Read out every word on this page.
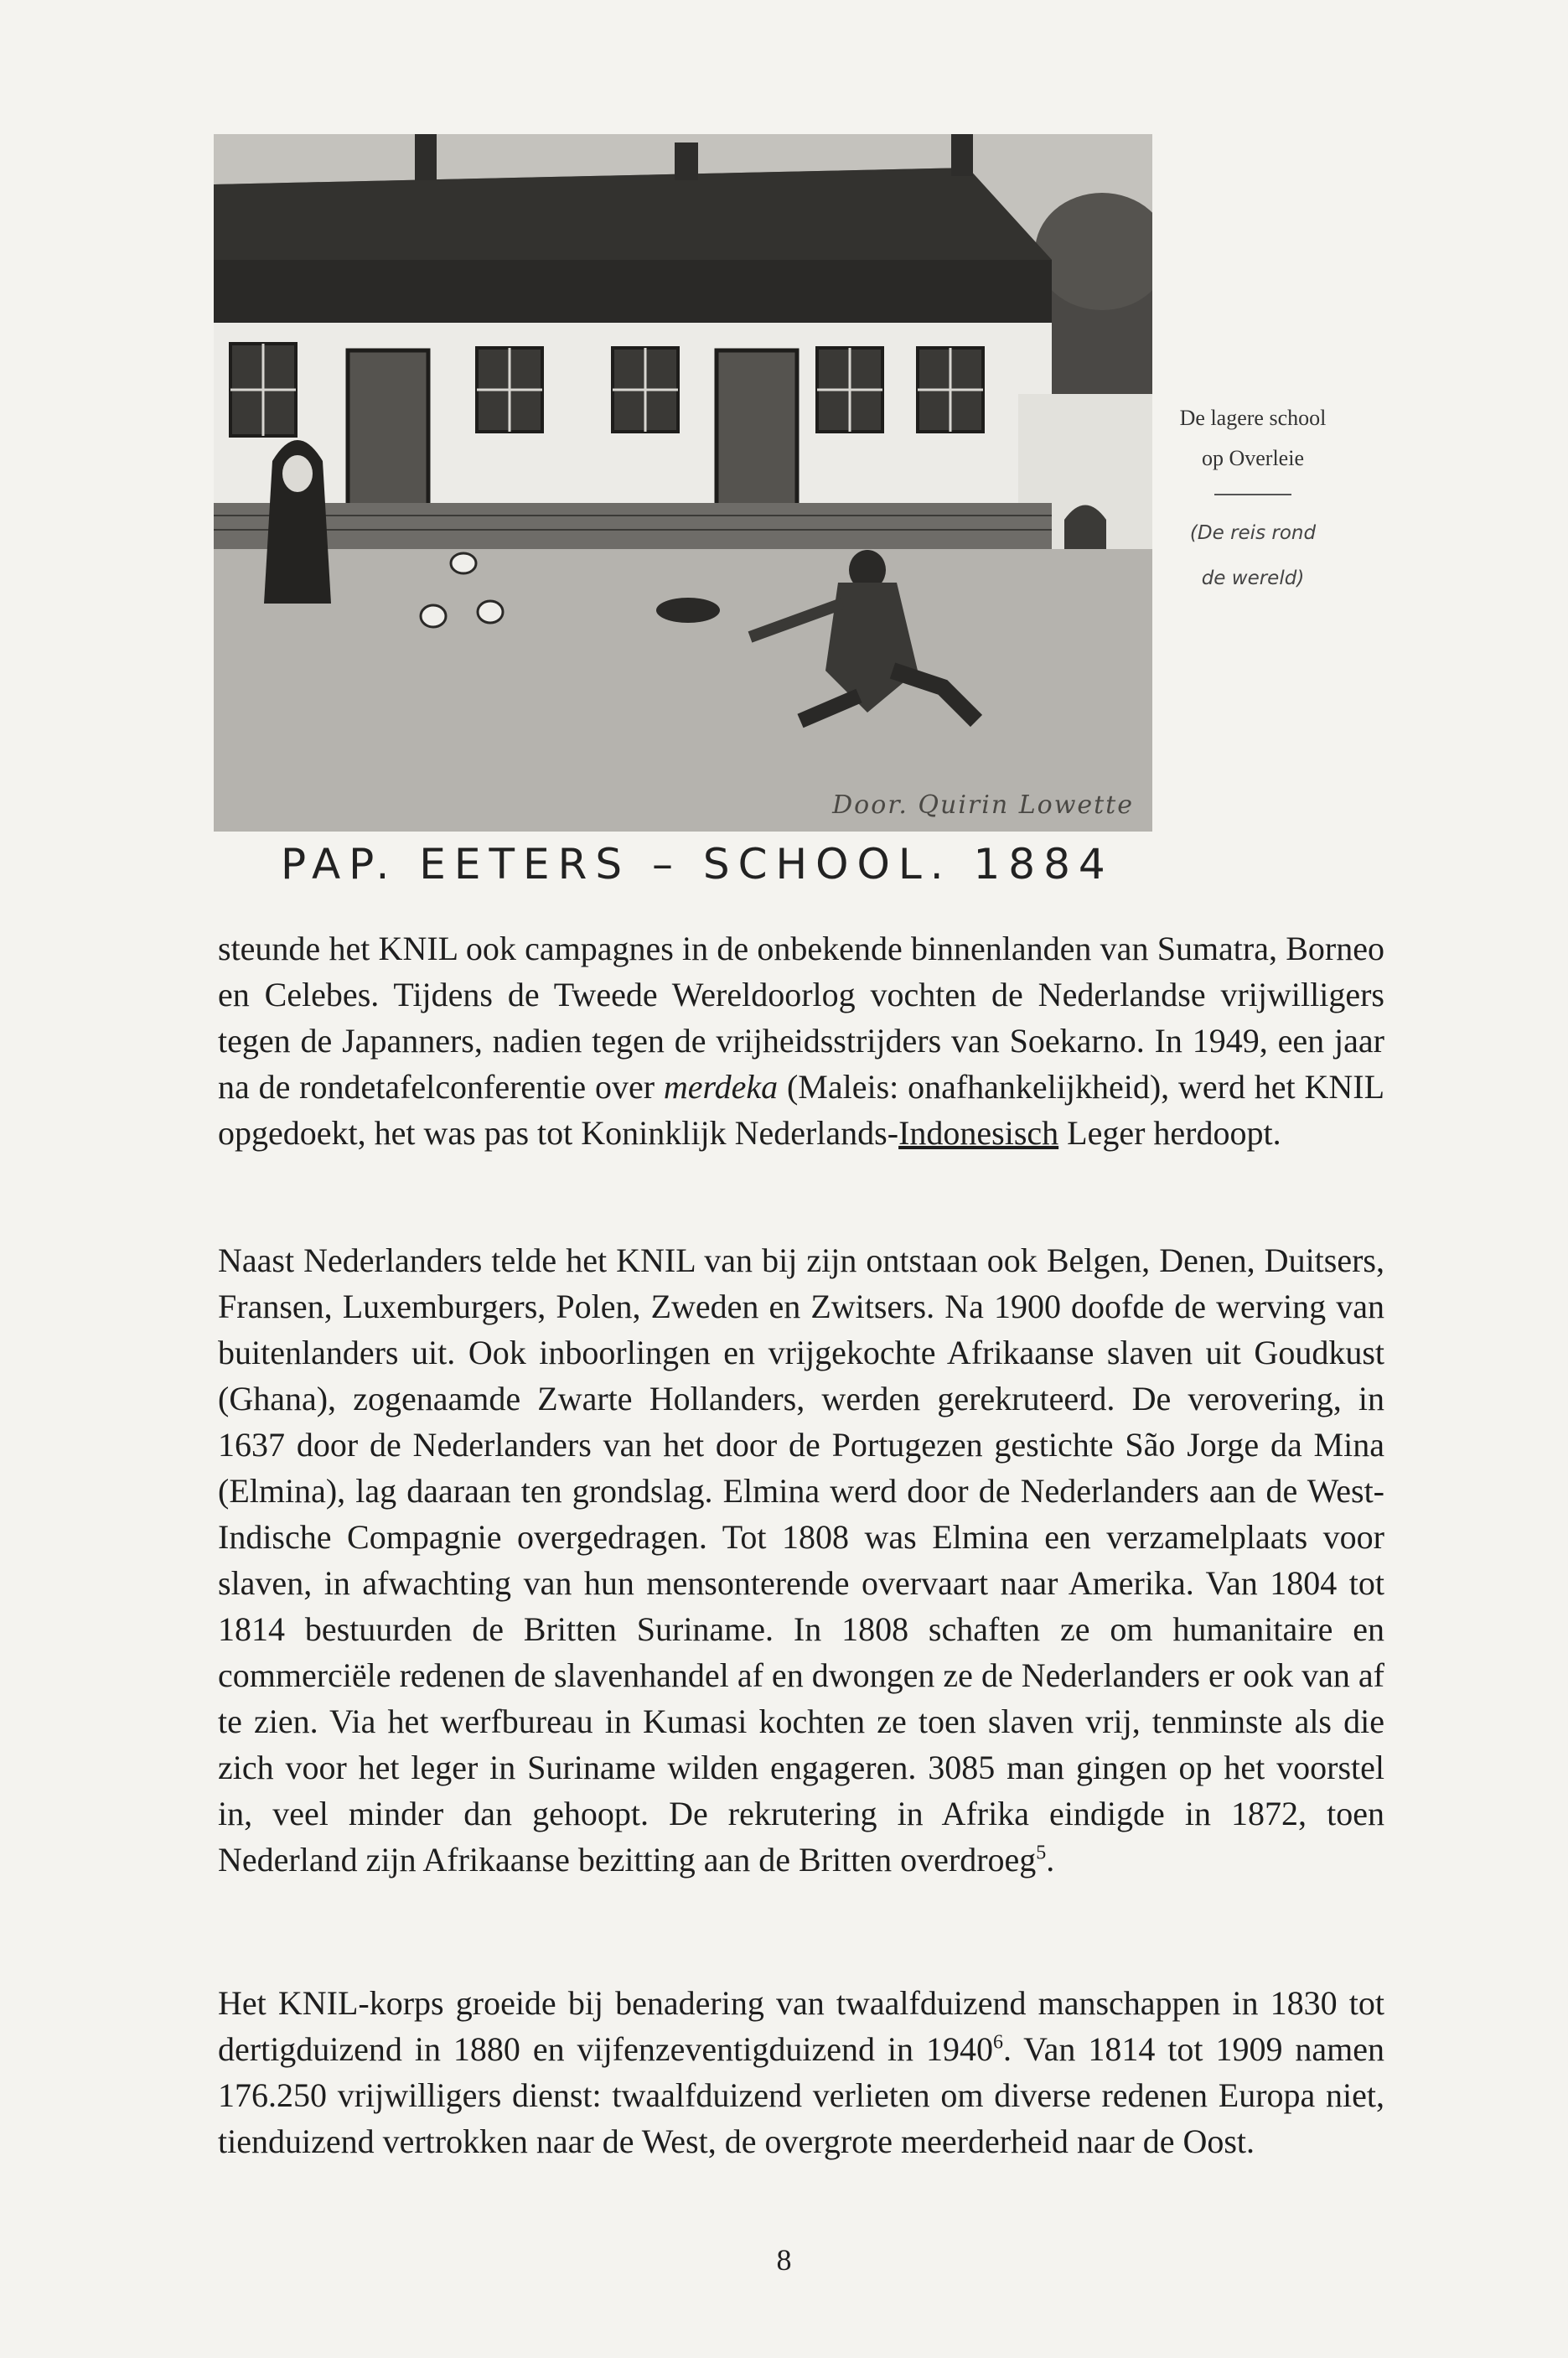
Door. Quirin Lowette
PAP. EETERS – SCHOOL. 1884
De lagere school
op Overleie
(De reis rond
de wereld)

steunde het KNIL ook campagnes in de onbekende binnenlanden van Sumatra, Borneo en Celebes. Tijdens de Tweede Wereldoorlog vochten de Nederlandse vrijwilligers tegen de Japanners, nadien tegen de vrijheidsstrijders van Soekarno. In 1949, een jaar na de rondetafelconferentie over merdeka (Maleis: onafhankelijkheid), werd het KNIL opgedoekt, het was pas tot Koninklijk Nederlands-Indonesisch Leger herdoopt.

Naast Nederlanders telde het KNIL van bij zijn ontstaan ook Belgen, Denen, Duitsers, Fransen, Luxemburgers, Polen, Zweden en Zwitsers. Na 1900 doofde de werving van buitenlanders uit. Ook inboorlingen en vrijgekochte Afrikaanse slaven uit Goudkust (Ghana), zogenaamde Zwarte Hollanders, werden gerekruteerd. De verovering, in 1637 door de Nederlanders van het door de Portugezen gestichte São Jorge da Mina (Elmina), lag daaraan ten grondslag. Elmina werd door de Nederlanders aan de West-Indische Compagnie overgedragen. Tot 1808 was Elmina een verzamelplaats voor slaven, in afwachting van hun mensonterende overvaart naar Amerika. Van 1804 tot 1814 bestuurden de Britten Suriname. In 1808 schaften ze om humanitaire en commerciële redenen de slavenhandel af en dwongen ze de Nederlanders er ook van af te zien. Via het werfbureau in Kumasi kochten ze toen slaven vrij, tenminste als die zich voor het leger in Suriname wilden engageren. 3085 man gingen op het voorstel in, veel minder dan gehoopt. De rekrutering in Afrika eindigde in 1872, toen Nederland zijn Afrikaanse bezitting aan de Britten overdroeg$^5$.

Het KNIL-korps groeide bij benadering van twaalfduizend manschappen in 1830 tot dertigduizend in 1880 en vijfenzeventigduizend in 1940$^6$. Van 1814 tot 1909 namen 176.250 vrijwilligers dienst: twaalfduizend verlieten om diverse redenen Europa niet, tienduizend vertrokken naar de West, de overgrote meerderheid naar de Oost.

8
